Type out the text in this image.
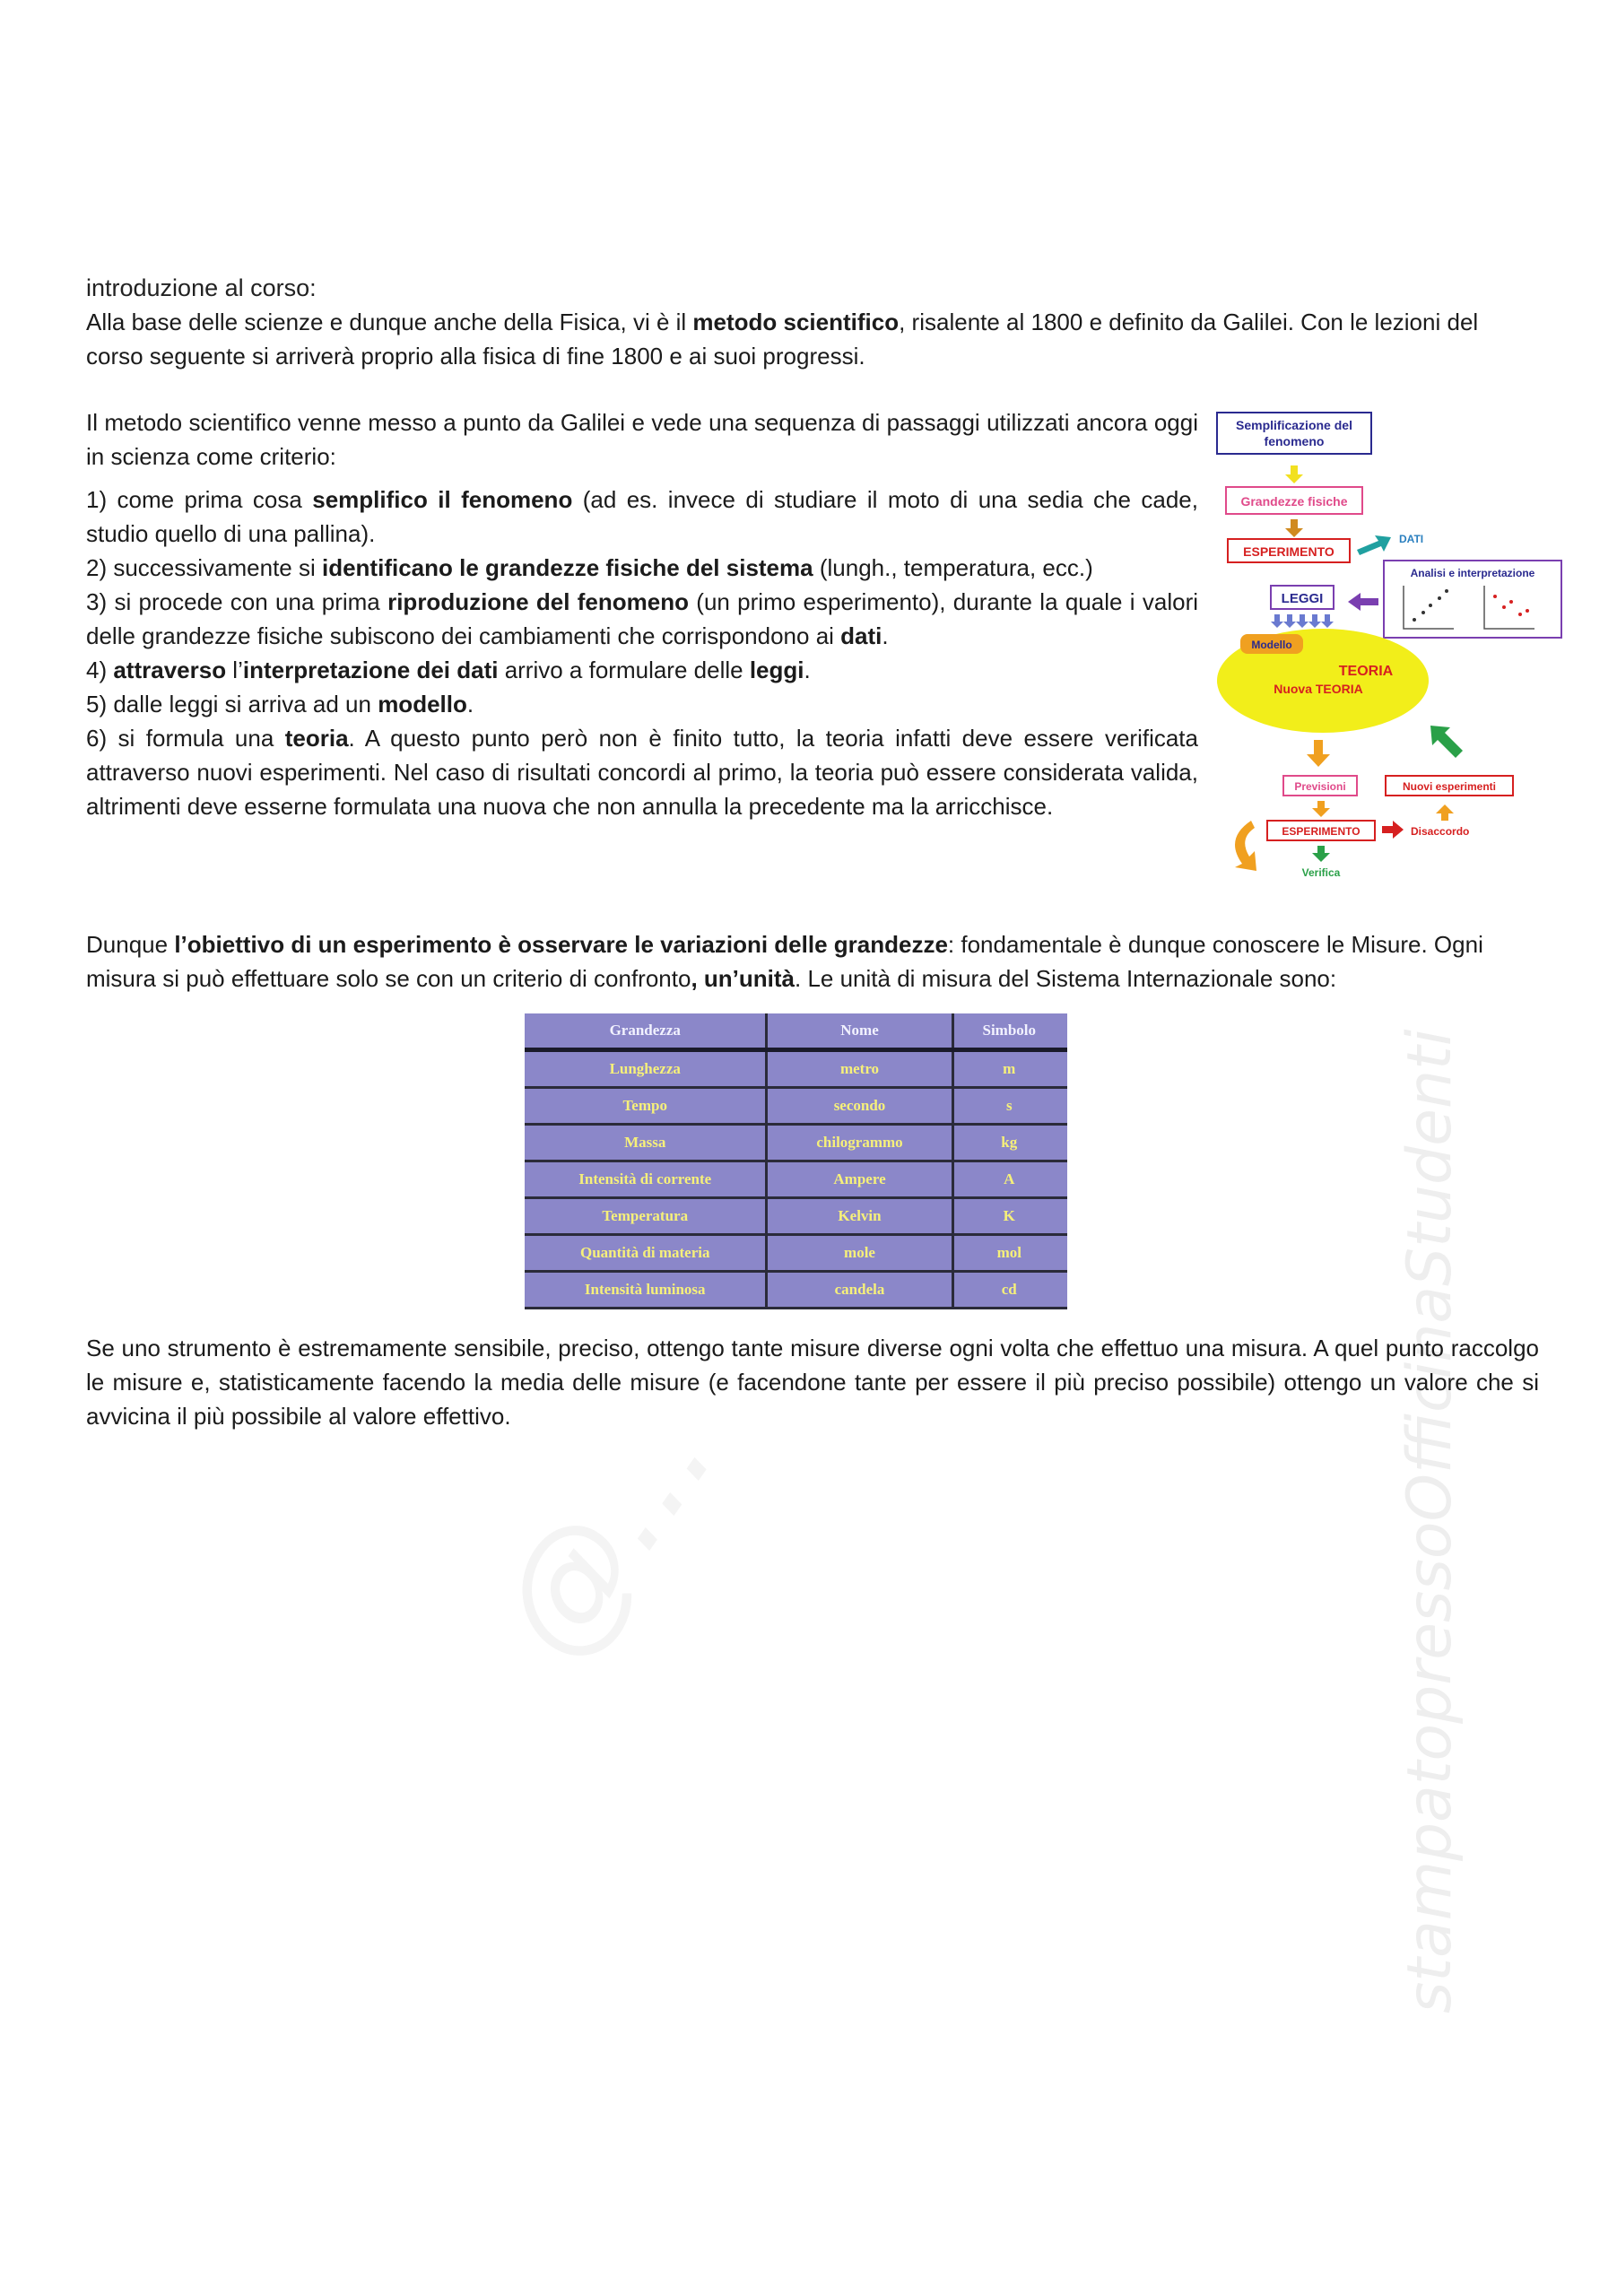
@...	stampatopressoOfficinaStudenti
introduzione al corso:

Alla base delle scienze e dunque anche della Fisica, vi è il metodo scientifico, risalente al 1800 e definito da Galilei. Con le lezioni del corso seguente si arriverà proprio alla fisica di fine 1800 e ai suoi progressi.

Il metodo scientifico venne messo a punto da Galilei e vede una sequenza di passaggi utilizzati ancora oggi in scienza come criterio:

1) come prima cosa semplifico il fenomeno (ad es. invece di studiare il moto di una sedia che cade, studio quello di una pallina).

2) successivamente si identificano le grandezze fisiche del sistema (lungh., temperatura, ecc.)

3) si procede con una prima riproduzione del fenomeno (un primo esperimento), durante la quale i valori delle grandezze fisiche subiscono dei cambiamenti che corrispondono ai dati.

4) attraverso l’interpretazione dei dati arrivo a formulare delle leggi.

5) dalle leggi si arriva ad un modello.

6) si formula una teoria. A questo punto però non è finito tutto, la teoria infatti deve essere verificata attraverso nuovi esperimenti. Nel caso di risultati concordi al primo, la teoria può essere considerata valida, altrimenti deve esserne formulata una nuova che non annulla la precedente ma la arricchisce.

Semplificazione del
fenomeno
Grandezze fisiche
ESPERIMENTO
DATI
Analisi e interpretazione
LEGGI
Modello
TEORIA
Nuova TEORIA
Previsioni	Nuovi esperimenti
ESPERIMENTO	Disaccordo
Verifica

Dunque l’obiettivo di un esperimento è osservare le variazioni delle grandezze: fondamentale è dunque conoscere le Misure. Ogni misura si può effettuare solo se con un criterio di confronto, un’unità. Le unità di misura del Sistema Internazionale sono:

Grandezza	Nome	Simbolo
Lunghezza	metro	m
Tempo	secondo	s
Massa	chilogrammo	kg
Intensità di corrente	Ampere	A
Temperatura	Kelvin	K
Quantità di materia	mole	mol
Intensità luminosa	candela	cd
Se uno strumento è estremamente sensibile, preciso, ottengo tante misure diverse ogni volta che effettuo una misura. A quel punto raccolgo le misure e, statisticamente facendo la media delle misure (e facendone tante per essere il più preciso possibile) ottengo un valore che si avvicina il più possibile al valore effettivo.
